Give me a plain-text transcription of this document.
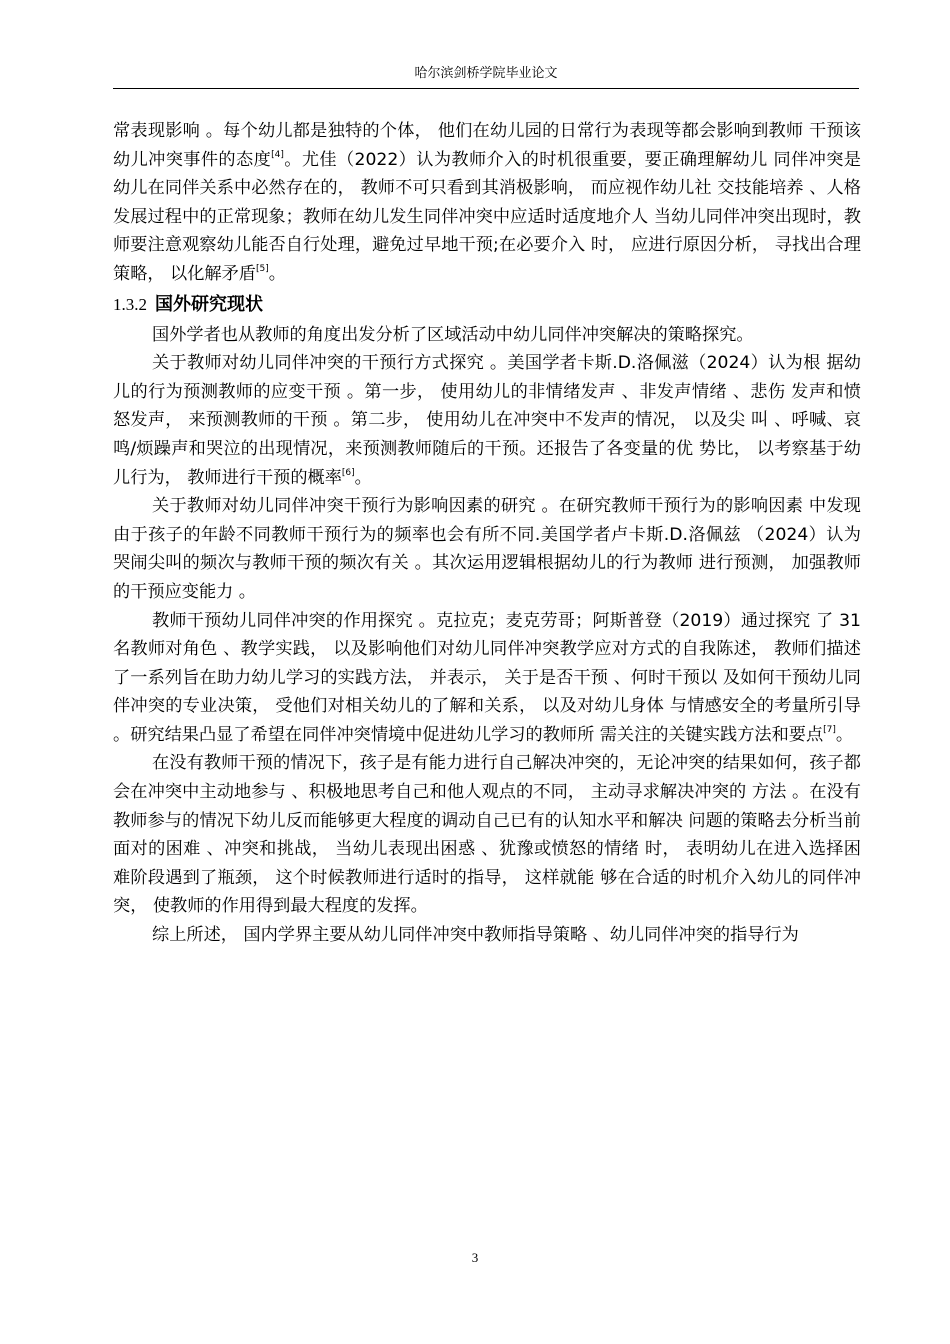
哈尔滨剑桥学院毕业论文

常表现影响 。每个幼儿都是独特的个体， 他们在幼儿园的日常行为表现等都会影响到教师 干预该幼儿冲突事件的态度[4]。尤佳（2022）认为教师介入的时机很重要，要正确理解幼儿 同伴冲突是幼儿在同伴关系中必然存在的， 教师不可只看到其消极影响， 而应视作幼儿社 交技能培养 、人格发展过程中的正常现象；教师在幼儿发生同伴冲突中应适时适度地介人 当幼儿同伴冲突出现时，教师要注意观察幼儿能否自行处理，避免过早地干预;在必要介入 时， 应进行原因分析， 寻找出合理策略， 以化解矛盾[5]。

1.3.2 国外研究现状

国外学者也从教师的角度出发分析了区域活动中幼儿同伴冲突解决的策略探究。

关于教师对幼儿同伴冲突的干预行方式探究 。美国学者卡斯.D.洛佩滋（2024）认为根 据幼儿的行为预测教师的应变干预 。第一步， 使用幼儿的非情绪发声 、非发声情绪 、悲伤 发声和愤怒发声， 来预测教师的干预 。第二步， 使用幼儿在冲突中不发声的情况， 以及尖 叫 、呼喊、哀鸣/烦躁声和哭泣的出现情况，来预测教师随后的干预。还报告了各变量的优 势比， 以考察基于幼儿行为， 教师进行干预的概率[6]。

关于教师对幼儿同伴冲突干预行为影响因素的研究 。在研究教师干预行为的影响因素 中发现由于孩子的年龄不同教师干预行为的频率也会有所不同.美国学者卢卡斯.D.洛佩兹 （2024）认为哭闹尖叫的频次与教师干预的频次有关 。其次运用逻辑根据幼儿的行为教师 进行预测， 加强教师的干预应变能力 。

教师干预幼儿同伴冲突的作用探究 。克拉克；麦克劳哥；阿斯普登（2019）通过探究 了 31 名教师对角色 、教学实践， 以及影响他们对幼儿同伴冲突教学应对方式的自我陈述， 教师们描述了一系列旨在助力幼儿学习的实践方法， 并表示， 关于是否干预 、何时干预以 及如何干预幼儿同伴冲突的专业决策， 受他们对相关幼儿的了解和关系， 以及对幼儿身体 与情感安全的考量所引导 。研究结果凸显了希望在同伴冲突情境中促进幼儿学习的教师所 需关注的关键实践方法和要点[7]。

在没有教师干预的情况下，孩子是有能力进行自己解决冲突的，无论冲突的结果如何，孩子都会在冲突中主动地参与 、积极地思考自己和他人观点的不同， 主动寻求解决冲突的 方法 。在没有教师参与的情况下幼儿反而能够更大程度的调动自己已有的认知水平和解决 问题的策略去分析当前面对的困难 、冲突和挑战， 当幼儿表现出困惑 、犹豫或愤怒的情绪 时， 表明幼儿在进入选择困难阶段遇到了瓶颈， 这个时候教师进行适时的指导， 这样就能 够在合适的时机介入幼儿的同伴冲突， 使教师的作用得到最大程度的发挥。

综上所述， 国内学界主要从幼儿同伴冲突中教师指导策略 、幼儿同伴冲突的指导行为

3
